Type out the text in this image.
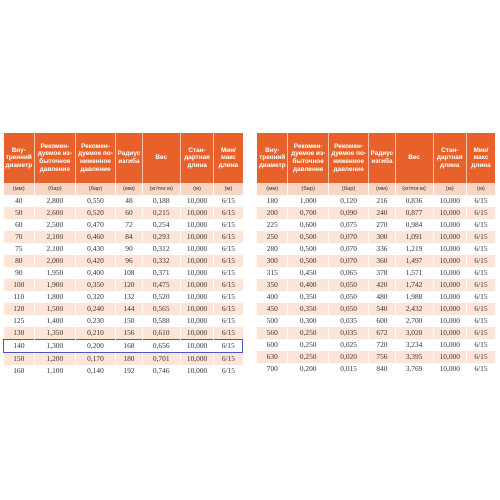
Вну-
тренний
диаметр	Рекомен-
дуемое из-
быточное
давление	Рекомен-
дуемое по-
ниженное
давление	Радиус
изгиба	Вес	Стан-
дартная
длина	Мин/
макс
длина
(мм)	(бар)	(бар)	(мм)	(кг/пог.м)	(м)	(м)
40	2,800	0,550	48	0,188	10,000	6/15
50	2,600	0,520	60	0,215	10,000	6/15
60	2,500	0,470	72	0,254	10,000	6/15
70	2,100	0,460	84	0,293	10,000	6/15
75	2,100	0,430	90	0,312	10,000	6/15
80	2,000	0,420	96	0,332	10,000	6/15
90	1,950	0,400	108	0,371	10,000	6/15
100	1,900	0,350	120	0,475	10,000	6/15
110	1,800	0,320	132	0,520	10,000	6/15
120	1,500	0,240	144	0,565	10,000	6/15
125	1,400	0,230	150	0,588	10,000	6/15
130	1,350	0,210	156	0,610	10,000	6/15
140	1,300	0,200	168	0,656	10,000	6/15
150	1,200	0,170	180	0,701	10,000	6/15
160	1,100	0,140	192	0,746	10,000	6/15
Вну-
тренний
диаметр	Рекомен-
дуемое из-
быточное
давление	Рекомен-
дуемое по-
ниженное
давление	Радиус
изгиба	Вес	Стан-
дартная
длина	Мин/
макс
длина
(мм)	(бар)	(бар)	(мм)	(кг/пог.м)	(м)	(м)
180	1,000	0,120	216	0,836	10,000	6/15
200	0,700	0,090	240	0,877	10,000	6/15
225	0,600	0,075	270	0,984	10,000	6/15
250	0,500	0,070	300	1,091	10,000	6/15
280	0,500	0,070	336	1,219	10,000	6/15
300	0,500	0,070	360	1,497	10,000	6/15
315	0,450	0,065	378	1,571	10,000	6/15
350	0,400	0,050	420	1,742	10,000	6/15
400	0,350	0,050	480	1,988	10,000	6/15
450	0,350	0,050	540	2,432	10,000	6/15
500	0,300	0,035	600	2,700	10,000	6/15
560	0,250	0,035	672	3,020	10,000	6/15
600	0,250	0,025	720	3,234	10,000	6/15
630	0,250	0,020	756	3,395	10,000	6/15
700	0,200	0,015	840	3,769	10,000	6/15
